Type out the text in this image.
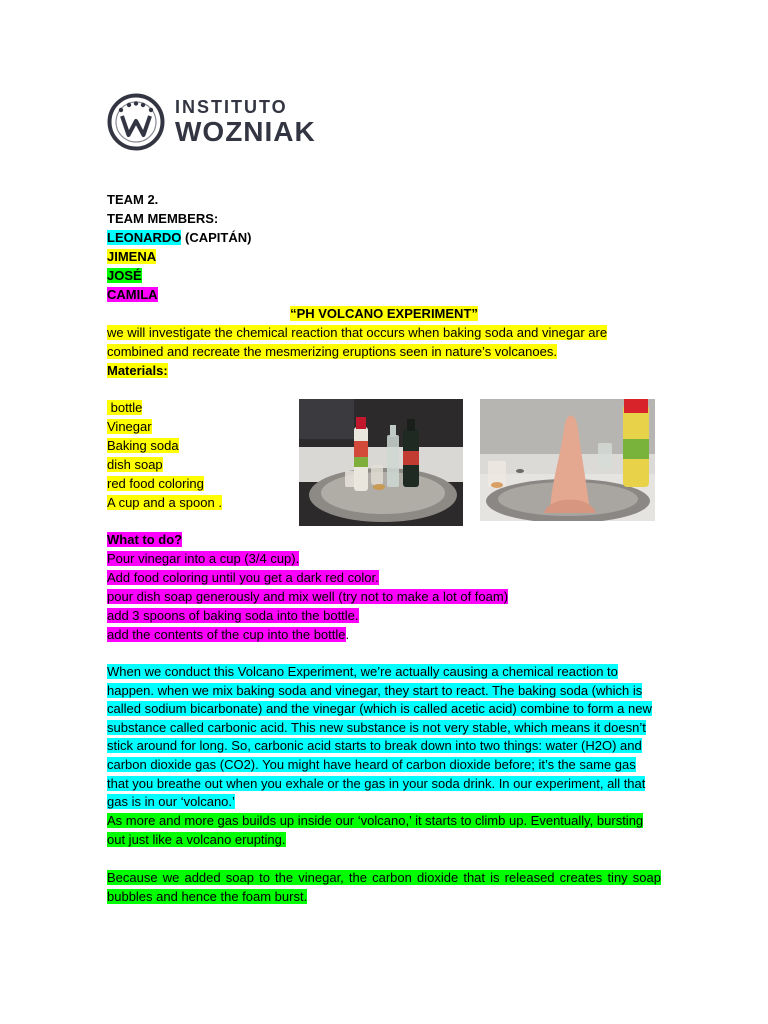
INSTITUTO
WOZNIAK
TEAM 2.
TEAM MEMBERS:
LEONARDO (CAPITÁN)
JIMENA
JOSÉ
CAMILA
“PH VOLCANO EXPERIMENT”
we will investigate the chemical reaction that occurs when baking soda and vinegar are combined and recreate the mesmerizing eruptions seen in nature’s volcanoes.
Materials:
bottle
Vinegar
Baking soda
dish soap
red food coloring
A cup and a spoon .
What to do?
Pour vinegar into a cup (3/4 cup).
Add food coloring until you get a dark red color.
pour dish soap generously and mix well (try not to make a lot of foam)
add 3 spoons of baking soda into the bottle.
add the contents of the cup into the bottle.
When we conduct this Volcano Experiment, we’re actually causing a chemical reaction to happen. when we mix baking soda and vinegar, they start to react. The baking soda (which is called sodium bicarbonate) and the vinegar (which is called acetic acid) combine to form a new substance called carbonic acid. This new substance is not very stable, which means it doesn’t stick around for long. So, carbonic acid starts to break down into two things: water (H2O) and carbon dioxide gas (CO2). You might have heard of carbon dioxide before; it’s the same gas that you breathe out when you exhale or the gas in your soda drink. In our experiment, all that gas is in our ‘volcano.’
As more and more gas builds up inside our ‘volcano,’ it starts to climb up. Eventually, bursting out just like a volcano erupting.
Because we added soap to the vinegar, the carbon dioxide that is released creates tiny soap bubbles and hence the foam burst.
